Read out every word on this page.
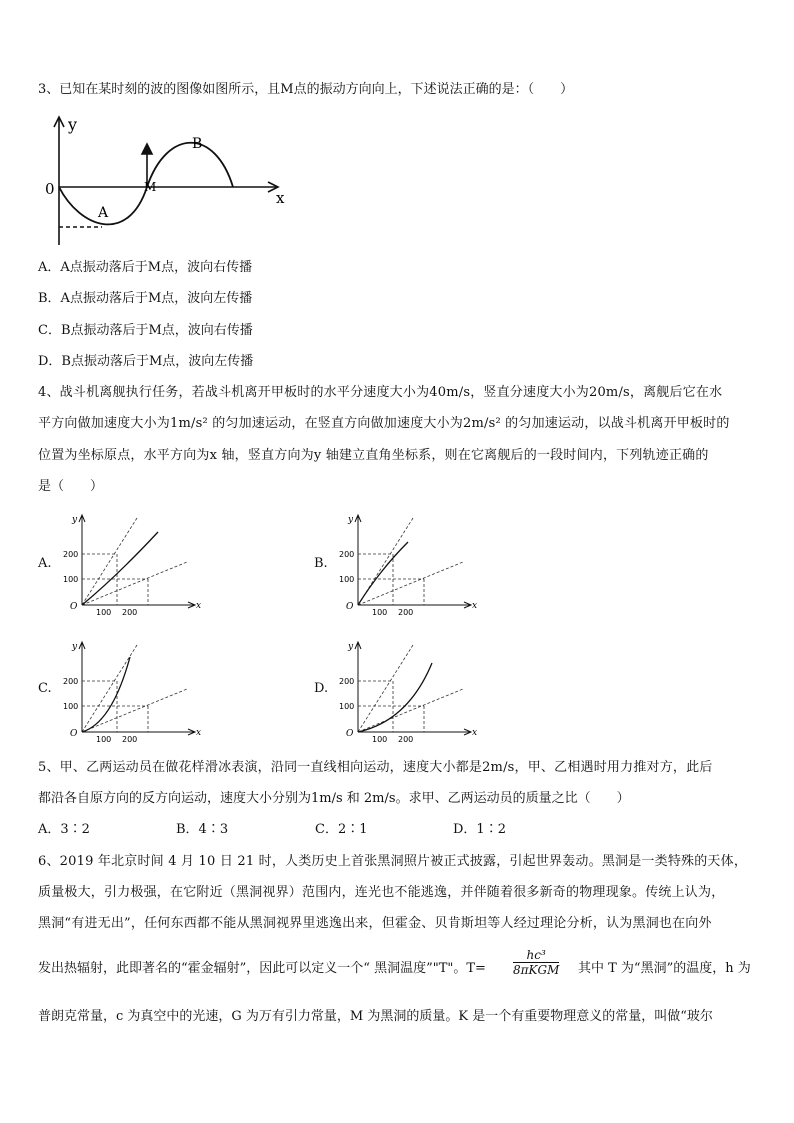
3、已知在某时刻的波的图像如图所示，且M点的振动方向向上，下述说法正确的是：（　　）
y
x
0
A
B
M
A．A点振动落后于M点，波向右传播
B．A点振动落后于M点，波向左传播
C．B点振动落后于M点，波向右传播
D．B点振动落后于M点，波向左传播
4、战斗机离舰执行任务，若战斗机离开甲板时的水平分速度大小为40m/s，竖直分速度大小为20m/s，离舰后它在水
平方向做加速度大小为1m/s² 的匀加速运动，在竖直方向做加速度大小为2m/s² 的匀加速运动，以战斗机离开甲板时的
位置为坐标原点，水平方向为x 轴，竖直方向为y 轴建立直角坐标系，则在它离舰后的一段时间内，下列轨迹正确的
是（　　）
A.
y
x
O
200
100
100 200
B.
y
x
O
200
100
100 200
C.
y
x
O
200
100
100 200
D.
y
x
O
200
100
100 200
5、甲、乙两运动员在做花样滑冰表演，沿同一直线相向运动，速度大小都是2m/s，甲、乙相遇时用力推对方，此后
都沿各自原方向的反方向运动，速度大小分别为1m/s 和 2m/s。求甲、乙两运动员的质量之比（　　）
A．3∶2	B．4∶3	C．2∶1	D．1∶2
6、2019 年北京时间 4 月 10 日 21 时，人类历史上首张黑洞照片被正式披露，引起世界轰动。黑洞是一类特殊的天体，
质量极大，引力极强，在它附近（黑洞视界）范围内，连光也不能逃逸，并伴随着很多新奇的物理现象。传统上认为，
黑洞“有进无出”，任何东西都不能从黑洞视界里逃逸出来，但霍金、贝肯斯坦等人经过理论分析，认为黑洞也在向外
发出热辐射，此即著名的“霍金辐射”，因此可以定义一个“ 黑洞温度”"T"。T=
hc³
8πKGM 其中 T 为“黑洞”的温度，h 为
普朗克常量，c 为真空中的光速，G 为万有引力常量，M 为黑洞的质量。K 是一个有重要物理意义的常量，叫做“玻尔
